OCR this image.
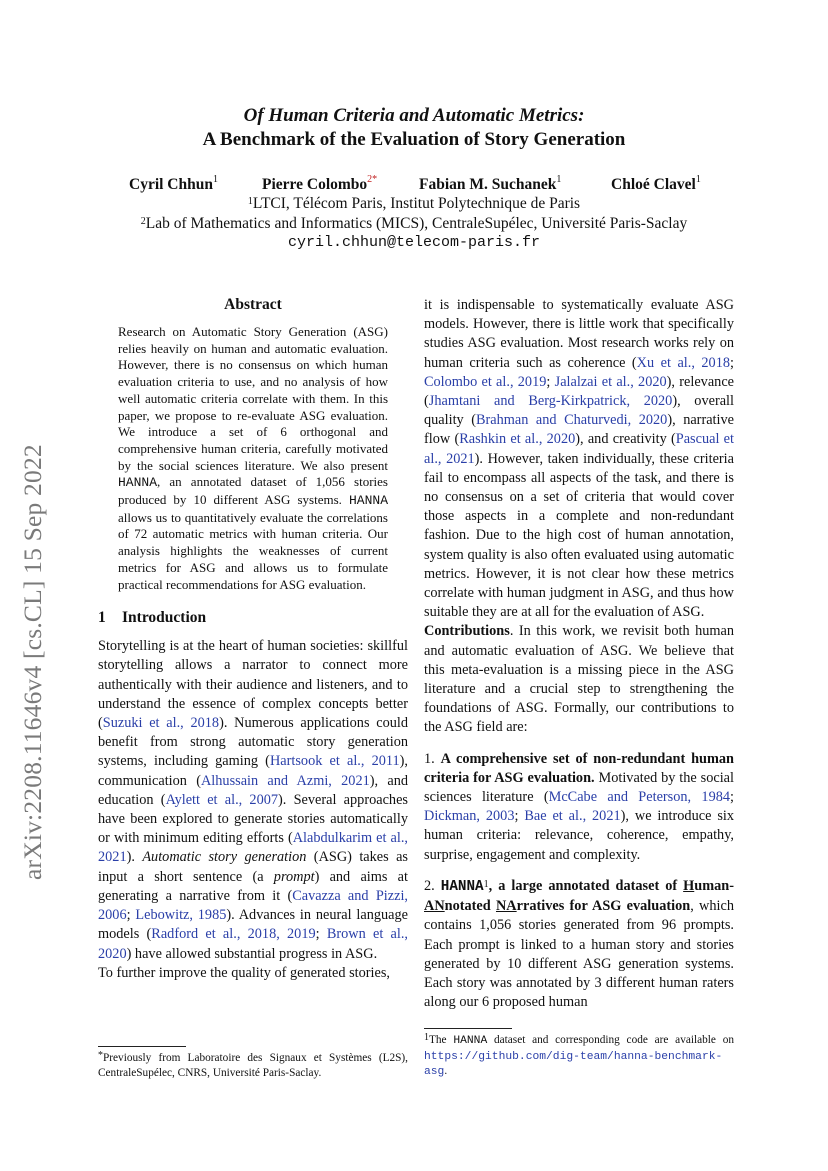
arXiv:2208.11646v4 [cs.CL] 15 Sep 2022
Of Human Criteria and Automatic Metrics:
A Benchmark of the Evaluation of Story Generation
Cyril Chhun$^1$	Pierre Colombo$^{2*}$	Fabian M. Suchanek$^1$	Chloé Clavel$^1$
$^1$LTCI, Télécom Paris, Institut Polytechnique de Paris
$^2$Lab of Mathematics and Informatics (MICS), CentraleSupélec, Université Paris-Saclay
cyril.chhun@telecom-paris.fr
Abstract

Research on Automatic Story Generation (ASG) relies heavily on human and automatic evaluation. However, there is no consensus on which human evaluation criteria to use, and no analysis of how well automatic criteria correlate with them. In this paper, we propose to re-evaluate ASG evaluation. We introduce a set of 6 orthogonal and comprehensive human criteria, carefully motivated by the social sciences literature. We also present HANNA, an annotated dataset of 1,056 stories produced by 10 different ASG systems. HANNA allows us to quantitatively evaluate the correlations of 72 automatic metrics with human criteria. Our analysis highlights the weaknesses of current metrics for ASG and allows us to formulate practical recommendations for ASG evaluation.

1 Introduction

Storytelling is at the heart of human societies: skillful storytelling allows a narrator to connect more authentically with their audience and listeners, and to understand the essence of complex concepts better (Suzuki et al., 2018). Numerous applications could benefit from strong automatic story generation systems, including gaming (Hartsook et al., 2011), communication (Alhussain and Azmi, 2021), and education (Aylett et al., 2007). Several approaches have been explored to generate stories automatically or with minimum editing efforts (Alabdulkarim et al., 2021). Automatic story generation (ASG) takes as input a short sentence (a prompt) and aims at generating a narrative from it (Cavazza and Pizzi, 2006; Lebowitz, 1985). Advances in neural language models (Radford et al., 2018, 2019; Brown et al., 2020) have allowed substantial progress in ASG.

To further improve the quality of generated stories,

*Previously from Laboratoire des Signaux et Systèmes (L2S), CentraleSupélec, CNRS, Université Paris-Saclay.

it is indispensable to systematically evaluate ASG models. However, there is little work that specifically studies ASG evaluation. Most research works rely on human criteria such as coherence (Xu et al., 2018; Colombo et al., 2019; Jalalzai et al., 2020), relevance (Jhamtani and Berg-Kirkpatrick, 2020), overall quality (Brahman and Chaturvedi, 2020), narrative flow (Rashkin et al., 2020), and creativity (Pascual et al., 2021). However, taken individually, these criteria fail to encompass all aspects of the task, and there is no consensus on a set of criteria that would cover those aspects in a complete and non-redundant fashion. Due to the high cost of human annotation, system quality is also often evaluated using automatic metrics. However, it is not clear how these metrics correlate with human judgment in ASG, and thus how suitable they are at all for the evaluation of ASG.

Contributions. In this work, we revisit both human and automatic evaluation of ASG. We believe that this meta-evaluation is a missing piece in the ASG literature and a crucial step to strengthening the foundations of ASG. Formally, our contributions to the ASG field are:

1. A comprehensive set of non-redundant human criteria for ASG evaluation. Motivated by the social sciences literature (McCabe and Peterson, 1984; Dickman, 2003; Bae et al., 2021), we introduce six human criteria: relevance, coherence, empathy, surprise, engagement and complexity.

2. HANNA$^1$, a large annotated dataset of Human-ANnotated NArratives for ASG evaluation, which contains 1,056 stories generated from 96 prompts. Each prompt is linked to a human story and stories generated by 10 different ASG generation systems. Each story was annotated by 3 different human raters along our 6 proposed human

$^1$The HANNA dataset and corresponding code are available on https://github.com/dig-team/hanna-benchmark-asg.
